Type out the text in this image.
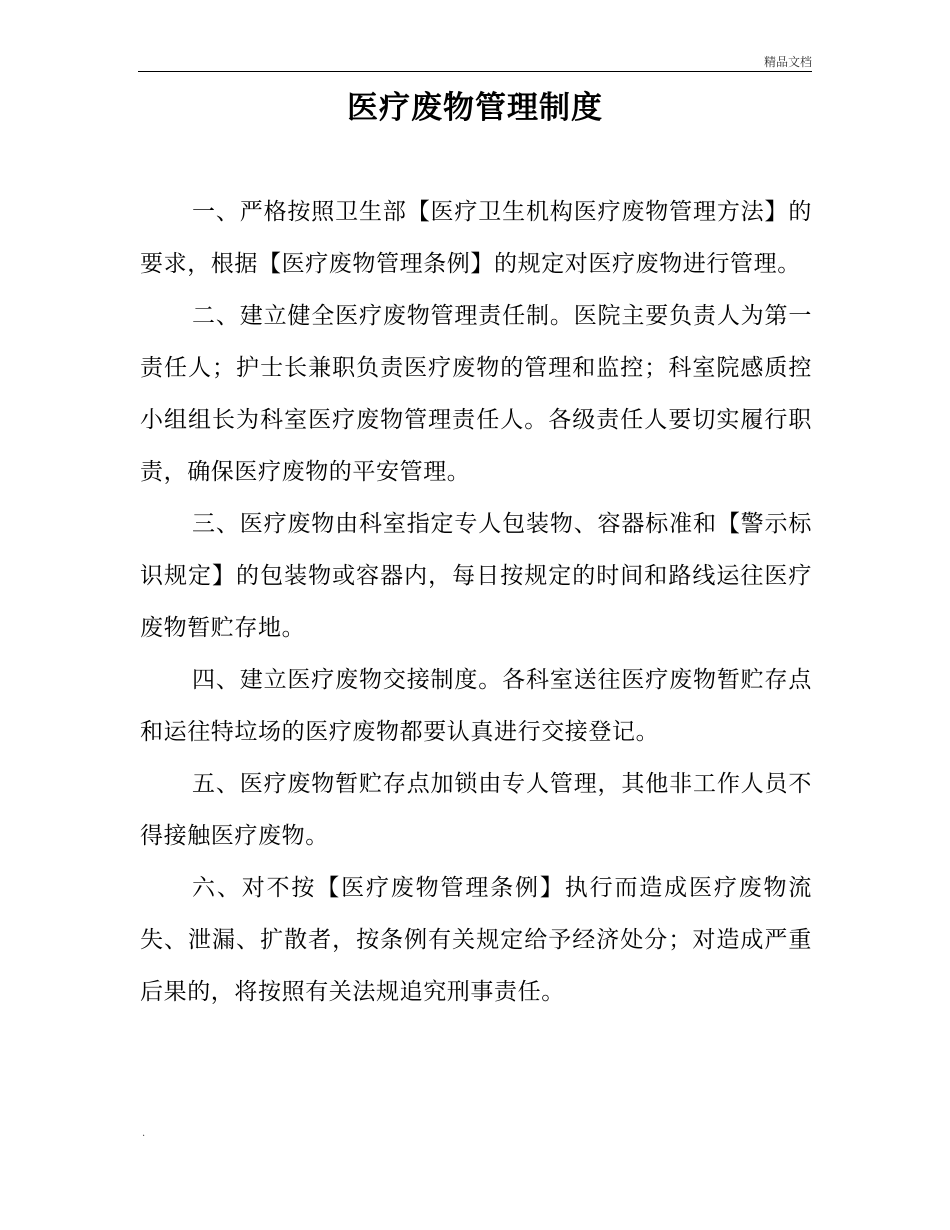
精品文档
医疗废物管理制度

一、严格按照卫生部【医疗卫生机构医疗废物管理方法】的要求，根据【医疗废物管理条例】的规定对医疗废物进行管理。

二、建立健全医疗废物管理责任制。医院主要负责人为第一责任人；护士长兼职负责医疗废物的管理和监控；科室院感质控小组组长为科室医疗废物管理责任人。各级责任人要切实履行职责，确保医疗废物的平安管理。

三、医疗废物由科室指定专人包装物、容器标准和【警示标识规定】的包装物或容器内，每日按规定的时间和路线运往医疗废物暂贮存地。

四、建立医疗废物交接制度。各科室送往医疗废物暂贮存点和运往特垃场的医疗废物都要认真进行交接登记。

五、医疗废物暂贮存点加锁由专人管理，其他非工作人员不得接触医疗废物。

六、对不按【医疗废物管理条例】执行而造成医疗废物流失、泄漏、扩散者，按条例有关规定给予经济处分；对造成严重后果的，将按照有关法规追究刑事责任。

.
